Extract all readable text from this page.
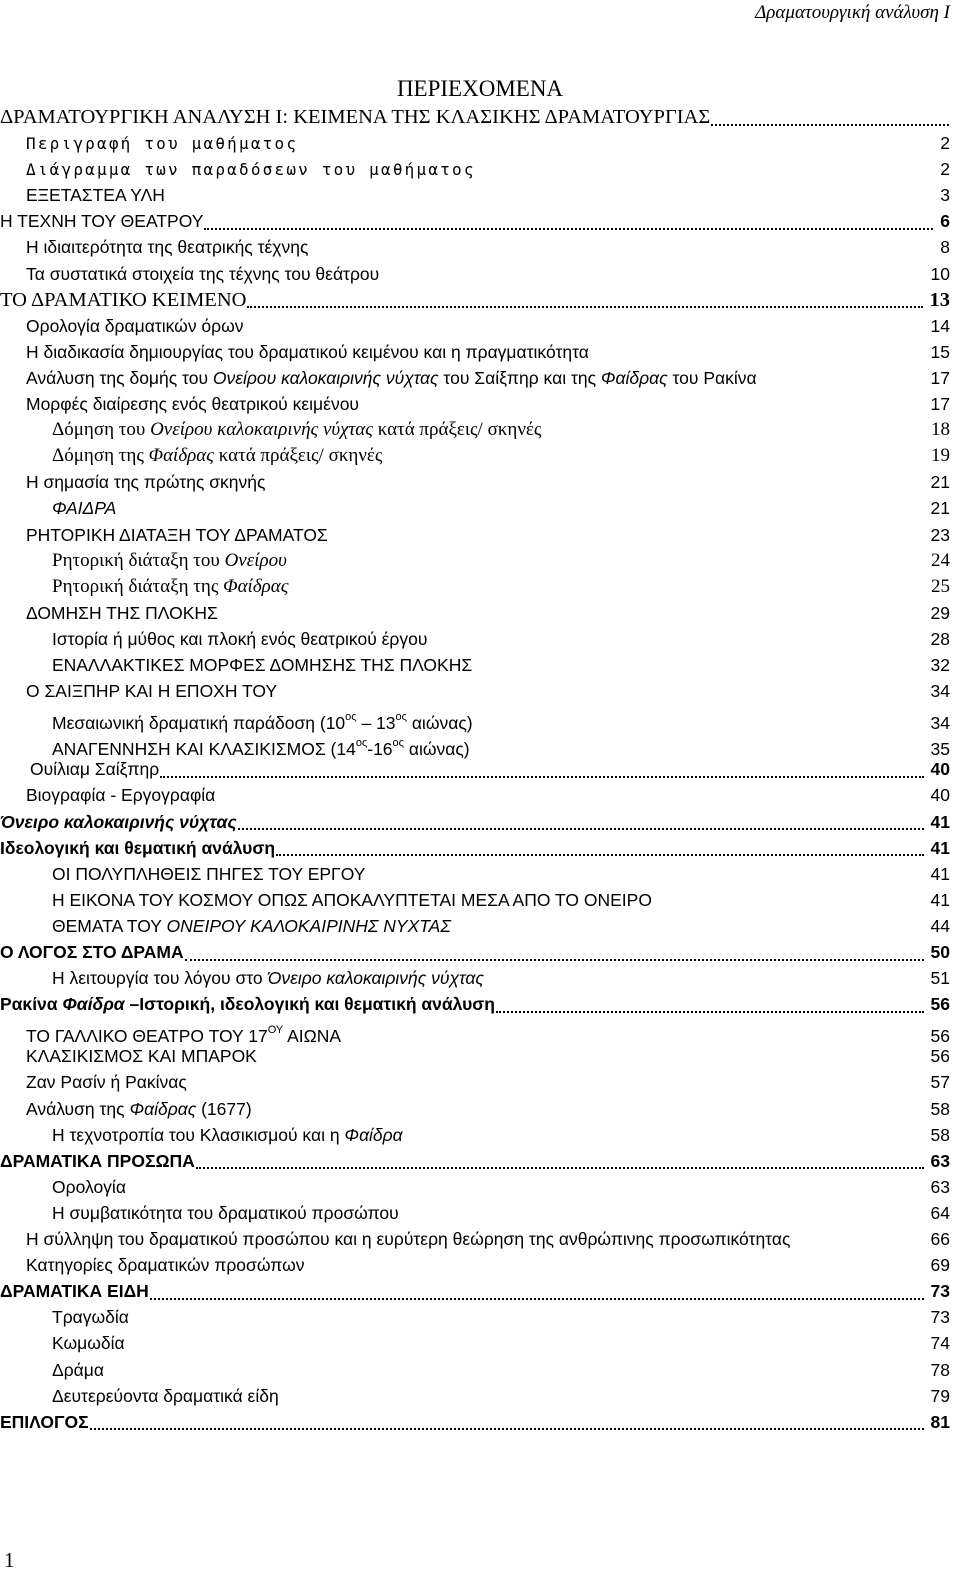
Δραματουργική ανάλυση Ι
ΠΕΡΙΕΧΟΜΕΝΑ
ΔΡΑΜΑΤΟΥΡΓΙΚΗ ΑΝΑΛΥΣΗ Ι: ΚΕΙΜΕΝΑ ΤΗΣ ΚΛΑΣΙΚΗΣ ΔΡΑΜΑΤΟΥΡΓΙΑΣ
Περιγραφή του μαθήματος	2
Διάγραμμα των παραδόσεων του μαθήματος	2
ΕΞΕΤΑΣΤΕΑ ΥΛΗ	3
Η ΤΕΧΝΗ ΤΟΥ ΘΕΑΤΡΟΥ	6
Η ιδιαιτερότητα της θεατρικής τέχνης	8
Τα συστατικά στοιχεία της τέχνης του θεάτρου	10
ΤΟ ΔΡΑΜΑΤΙΚΟ ΚΕΙΜΕΝΟ	13
Ορολογία δραματικών όρων	14
Η διαδικασία δημιουργίας του δραματικού κειμένου και η πραγματικότητα	15
Ανάλυση της δομής του Ονείρου καλοκαιρινής νύχτας του Σαίξπηρ και της Φαίδρας του Ρακίνα	17
Μορφές διαίρεσης ενός θεατρικού κειμένου	17
Δόμηση του Ονείρου καλοκαιρινής νύχτας κατά πράξεις/ σκηνές	18
Δόμηση της Φαίδρας κατά πράξεις/ σκηνές	19
Η σημασία της πρώτης σκηνής	21
ΦΑΙΔΡΑ	21
ΡΗΤΟΡΙΚΗ ΔΙΑΤΑΞΗ ΤΟΥ ΔΡΑΜΑΤΟΣ	23
Ρητορική διάταξη του Ονείρου	24
Ρητορική διάταξη της Φαίδρας	25
ΔΟΜΗΣΗ ΤΗΣ ΠΛΟΚΗΣ	29
Ιστορία ή μύθος και πλοκή ενός θεατρικού έργου	28
ΕΝΑΛΛΑΚΤΙΚΕΣ ΜΟΡΦΕΣ ΔΟΜΗΣΗΣ ΤΗΣ ΠΛΟΚΗΣ	32
Ο ΣΑΙΞΠΗΡ ΚΑΙ Η ΕΠΟΧΗ ΤΟΥ	34
Μεσαιωνική δραματική παράδοση ($10^{o\varsigma} - 13^{o\varsigma}$ αιώνας)	34
ΑΝΑΓΕΝΝΗΣΗ ΚΑΙ ΚΛΑΣΙΚΙΣΜΟΣ ($14^{o\varsigma}-16^{o\varsigma}$ αιώνας)	35
Ουίλιαμ Σαίξπηρ	40
Βιογραφία - Εργογραφία	40
Όνειρο καλοκαιρινής νύχτας	41
Ιδεολογική και θεματική ανάλυση	41
ΟΙ ΠΟΛΥΠΛΗΘΕΙΣ ΠΗΓΕΣ ΤΟΥ ΕΡΓΟΥ	41
Η ΕΙΚΟΝΑ ΤΟΥ ΚΟΣΜΟΥ ΟΠΩΣ ΑΠΟΚΑΛΥΠΤΕΤΑΙ ΜΕΣΑ ΑΠΟ ΤΟ ΟΝΕΙΡΟ	41
ΘΕΜΑΤΑ ΤΟΥ ΟΝΕΙΡΟΥ ΚΑΛΟΚΑΙΡΙΝΗΣ ΝΥΧΤΑΣ	44
Ο ΛΟΓΟΣ ΣΤΟ ΔΡΑΜΑ	50
Η λειτουργία του λόγου στο Όνειρο καλοκαιρινής νύχτας	51
Ρακίνα Φαίδρα –Ιστορική, ιδεολογική και θεματική ανάλυση	56
ΤΟ ΓΑΛΛΙΚΟ ΘΕΑΤΡΟ ΤΟΥ $17^{O\Upsilon}$ ΑΙΩΝΑ	56
ΚΛΑΣΙΚΙΣΜΟΣ ΚΑΙ ΜΠΑΡΟΚ	56
Ζαν Ρασίν ή Ρακίνας	57
Ανάλυση της Φαίδρας (1677)	58
Η τεχνοτροπία του Κλασικισμού και η Φαίδρα	58
ΔΡΑΜΑΤΙΚΑ ΠΡΟΣΩΠΑ	63
Ορολογία	63
Η συμβατικότητα του δραματικού προσώπου	64
Η σύλληψη του δραματικού προσώπου και η ευρύτερη θεώρηση της ανθρώπινης προσωπικότητας	66
Κατηγορίες δραματικών προσώπων	69
ΔΡΑΜΑΤΙΚΑ ΕΙΔΗ	73
Τραγωδία	73
Κωμωδία	74
Δράμα	78
Δευτερεύοντα δραματικά είδη	79
ΕΠΙΛΟΓΟΣ	81
1
